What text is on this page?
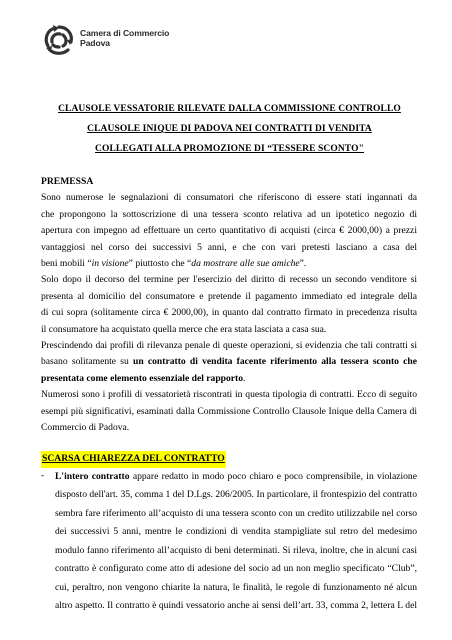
Camera di Commercio
Padova
CLAUSOLE VESSATORIE RILEVATE DALLA COMMISSIONE CONTROLLO
CLAUSOLE INIQUE DI PADOVA NEI CONTRATTI DI VENDITA
COLLEGATI ALLA PROMOZIONE DI “TESSERE SCONTO"
PREMESSA
Sono numerose le segnalazioni di consumatori che riferiscono di essere stati ingannati da
che propongono la sottoscrizione di una tessera sconto relativa ad un ipotetico negozio di
apertura con impegno ad effettuare un certo quantitativo di acquisti (circa € 2000,00) a prezzi
vantaggiosi nel corso dei successivi 5 anni, e che con vari pretesti lasciano a casa del
beni mobili “in visione” piuttosto che “da mostrare alle sue amiche”.
Solo dopo il decorso del termine per l'esercizio del diritto di recesso un secondo venditore si
presenta al domicilio del consumatore e pretende il pagamento immediato ed integrale della
di cui sopra (solitamente circa € 2000,00), in quanto dal contratto firmato in precedenza risulta
il consumatore ha acquistato quella merce che era stata lasciata a casa sua.
Prescindendo dai profili di rilevanza penale di queste operazioni, si evidenzia che tali contratti si
basano solitamente su un contratto di vendita facente riferimento alla tessera sconto che
presentata come elemento essenziale del rapporto.
Numerosi sono i profili di vessatorietà riscontrati in questa tipologia di contratti. Ecco di seguito
esempi più significativi, esaminati dalla Commissione Controllo Clausole Inique della Camera di
Commercio di Padova.
SCARSA CHIAREZZA DEL CONTRATTO
-	L'intero contratto appare redatto in modo poco chiaro e poco comprensibile, in violazione
disposto dell'art. 35, comma 1 del D.Lgs. 206/2005. In particolare, il frontespizio del contratto
sembra fare riferimento all’acquisto di una tessera sconto con un credito utilizzabile nel corso
dei successivi 5 anni, mentre le condizioni di vendita stampigliate sul retro del medesimo
modulo fanno riferimento all’acquisto di beni determinati. Si rileva, inoltre, che in alcuni casi
contratto è configurato come atto di adesione del socio ad un non meglio specificato “Club”,
cui, peraltro, non vengono chiarite la natura, le finalità, le regole di funzionamento né alcun
altro aspetto. Il contratto è quindi vessatorio anche ai sensi dell’art. 33, comma 2, lettera L del
